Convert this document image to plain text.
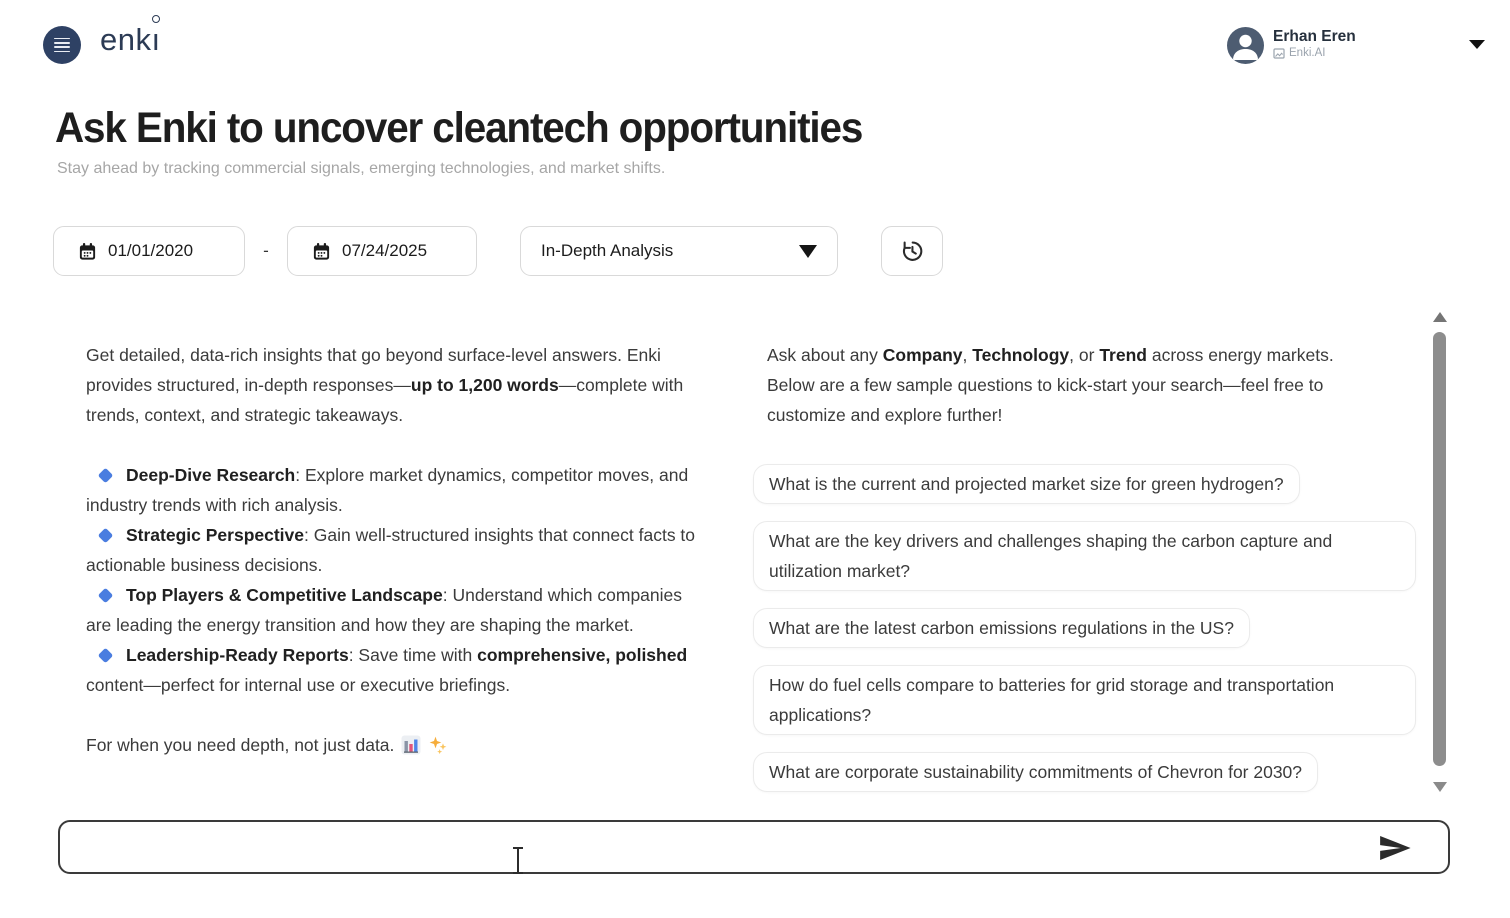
enkı	Erhan Eren
Enki.AI
Ask Enki to uncover cleantech opportunities
Stay ahead by tracking commercial signals, emerging technologies, and market shifts.
01/01/2020	-	07/24/2025	In-Depth Analysis

Get detailed, data-rich insights that go beyond surface-level answers. Enki provides structured, in-depth responses—up to 1,200 words—complete with trends, context, and strategic takeaways.

Deep-Dive Research: Explore market dynamics, competitor moves, and industry trends with rich analysis.

Strategic Perspective: Gain well-structured insights that connect facts to actionable business decisions.

Top Players & Competitive Landscape: Understand which companies are leading the energy transition and how they are shaping the market.

Leadership-Ready Reports: Save time with comprehensive, polished content—perfect for internal use or executive briefings.

For when you need depth, not just data.

Ask about any Company, Technology, or Trend across energy markets. Below are a few sample questions to kick-start your search—feel free to customize and explore further!

What is the current and projected market size for green hydrogen?
What are the key drivers and challenges shaping the carbon capture and utilization market?
What are the latest carbon emissions regulations in the US?
How do fuel cells compare to batteries for grid storage and transportation applications?
What are corporate sustainability commitments of Chevron for 2030?
